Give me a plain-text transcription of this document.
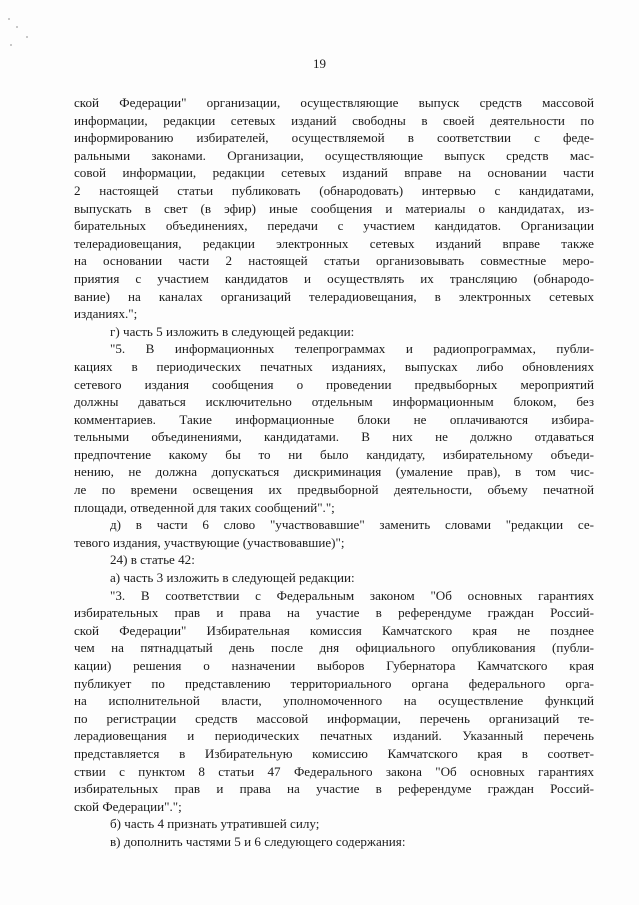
19
ской Федерации" организации, осуществляющие выпуск средств массовой
информации, редакции сетевых изданий свободны в своей деятельности по
информированию избирателей, осуществляемой в соответствии с феде-
ральными законами. Организации, осуществляющие выпуск средств мас-
совой информации, редакции сетевых изданий вправе на основании части
2 настоящей статьи публиковать (обнародовать) интервью с кандидатами,
выпускать в свет (в эфир) иные сообщения и материалы о кандидатах, из-
бирательных объединениях, передачи с участием кандидатов. Организации
телерадиовещания, редакции электронных сетевых изданий вправе также
на основании части 2 настоящей статьи организовывать совместные меро-
приятия с участием кандидатов и осуществлять их трансляцию (обнародо-
вание) на каналах организаций телерадиовещания, в электронных сетевых
изданиях.";
г) часть 5 изложить в следующей редакции:
"5. В информационных телепрограммах и радиопрограммах, публи-
кациях в периодических печатных изданиях, выпусках либо обновлениях
сетевого издания сообщения о проведении предвыборных мероприятий
должны даваться исключительно отдельным информационным блоком, без
комментариев. Такие информационные блоки не оплачиваются избира-
тельными объединениями, кандидатами. В них не должно отдаваться
предпочтение какому бы то ни было кандидату, избирательному объеди-
нению, не должна допускаться дискриминация (умаление прав), в том чис-
ле по времени освещения их предвыборной деятельности, объему печатной
площади, отведенной для таких сообщений".";
д) в части 6 слово "участвовавшие" заменить словами "редакции се-
тевого издания, участвующие (участвовавшие)";
24) в статье 42:
а) часть 3 изложить в следующей редакции:
"3. В соответствии с Федеральным законом "Об основных гарантиях
избирательных прав и права на участие в референдуме граждан Россий-
ской Федерации" Избирательная комиссия Камчатского края не позднее
чем на пятнадцатый день после дня официального опубликования (публи-
кации) решения о назначении выборов Губернатора Камчатского края
публикует по представлению территориального органа федерального орга-
на исполнительной власти, уполномоченного на осуществление функций
по регистрации средств массовой информации, перечень организаций те-
лерадиовещания и периодических печатных изданий. Указанный перечень
представляется в Избирательную комиссию Камчатского края в соответ-
ствии с пунктом 8 статьи 47 Федерального закона "Об основных гарантиях
избирательных прав и права на участие в референдуме граждан Россий-
ской Федерации".";
б) часть 4 признать утратившей силу;
в) дополнить частями 5 и 6 следующего содержания:
